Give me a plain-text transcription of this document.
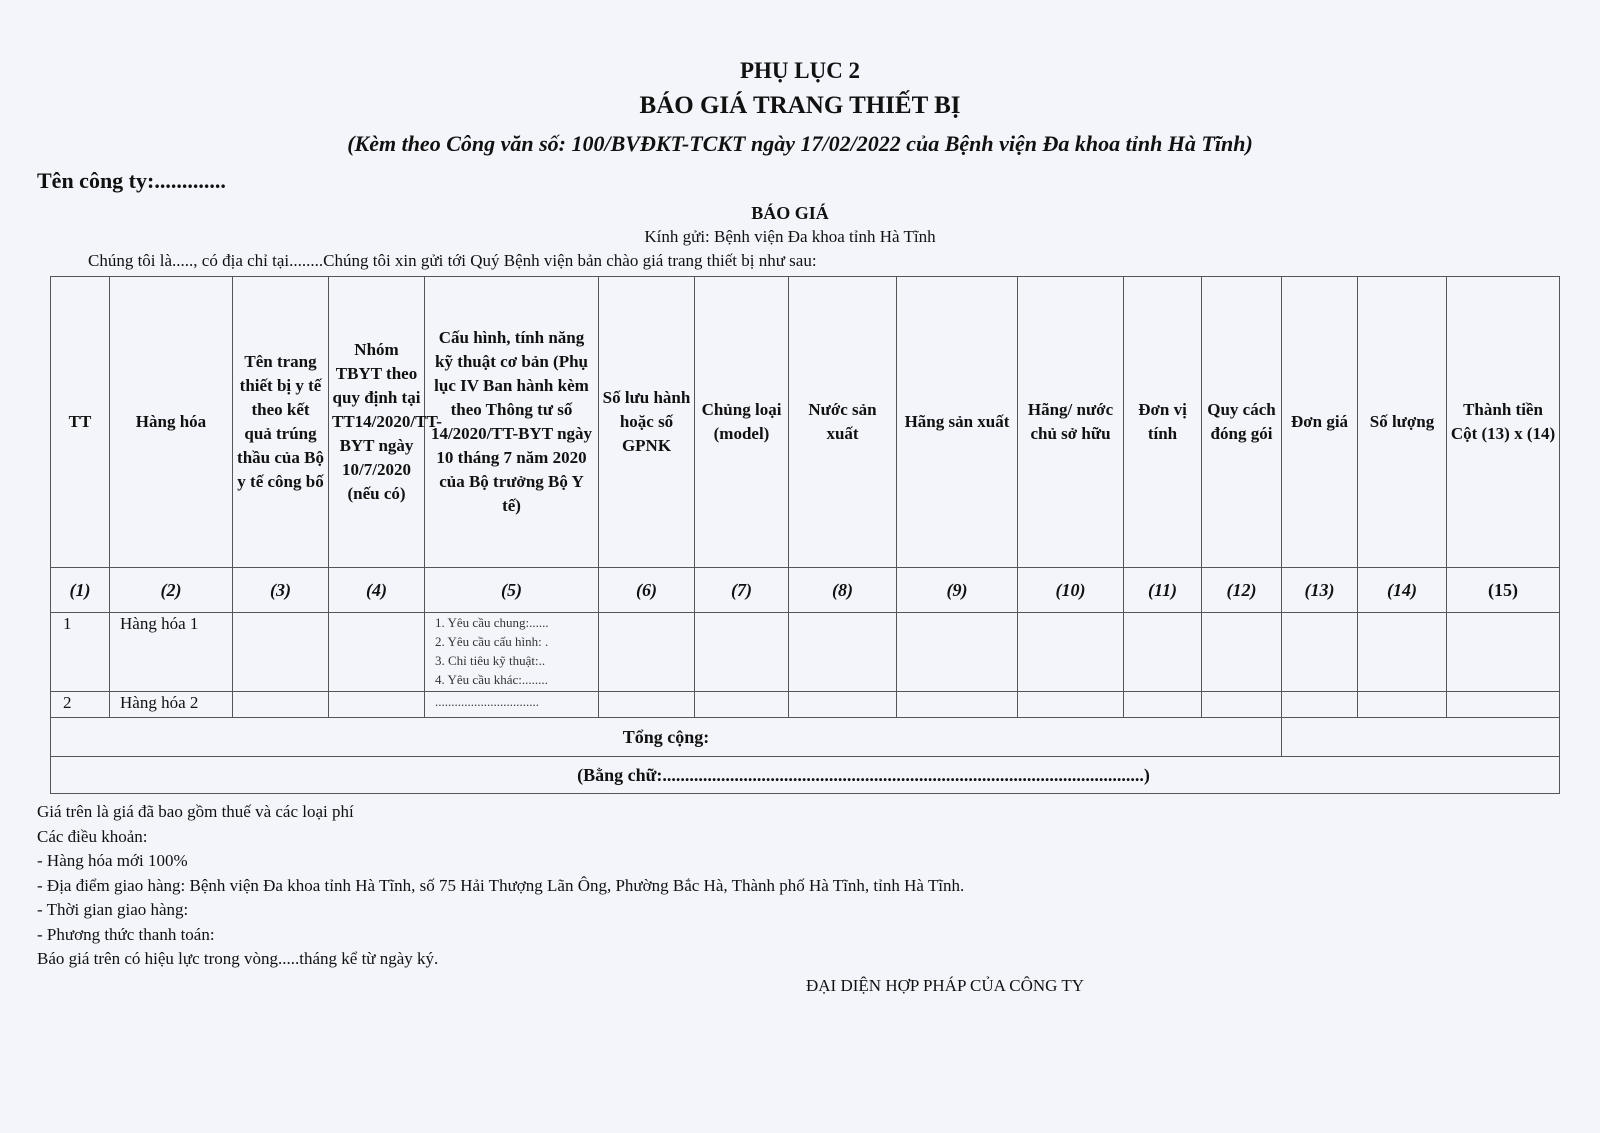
PHỤ LỤC 2
BÁO GIÁ TRANG THIẾT BỊ
(Kèm theo Công văn số: 100/BVĐKT-TCKT ngày 17/02/2022 của Bệnh viện Đa khoa tỉnh Hà Tĩnh)
Tên công ty:.............
BÁO GIÁ
Kính gửi: Bệnh viện Đa khoa tỉnh Hà Tĩnh
Chúng tôi là....., có địa chỉ tại........Chúng tôi xin gửi tới Quý Bệnh viện bản chào giá trang thiết bị như sau:
TT	Hàng hóa	Tên trang thiết bị y tế theo kết quả trúng thầu của Bộ y tế công bố	Nhóm TBYT theo quy định tại TT14/2020/TT-BYT ngày 10/7/2020 (nếu có)	Cấu hình, tính năng kỹ thuật cơ bản (Phụ lục IV Ban hành kèm theo Thông tư số 14/2020/TT-BYT ngày 10 tháng 7 năm 2020 của Bộ trưởng Bộ Y tế)	Số lưu hành hoặc số GPNK	Chủng loại (model)	Nước sản xuất	Hãng sản xuất	Hãng/ nước chủ sở hữu	Đơn vị tính	Quy cách đóng gói	Đơn giá	Số lượng	Thành tiền Cột (13) x (14)
(1)	(2)	(3)	(4)	(5)	(6)	(7)	(8)	(9)	(10)	(11)	(12)	(13)	(14)	(15)
1	Hàng hóa 1			1. Yêu cầu chung:......
2. Yêu cầu cấu hình: .
3. Chỉ tiêu kỹ thuật:..
4. Yêu cầu khác:........										

2	Hàng hóa 2			................................										

Tổng cộng:														
(Bằng chữ:...........................................................................................................)														
Giá trên là giá đã bao gồm thuế và các loại phí
Các điều khoản:
- Hàng hóa mới 100%
- Địa điểm giao hàng: Bệnh viện Đa khoa tỉnh Hà Tĩnh, số 75 Hải Thượng Lãn Ông, Phường Bắc Hà, Thành phố Hà Tĩnh, tỉnh Hà Tĩnh.
- Thời gian giao hàng:
- Phương thức thanh toán:
Báo giá trên có hiệu lực trong vòng.....tháng kể từ ngày ký.
ĐẠI DIỆN HỢP PHÁP CỦA CÔNG TY
